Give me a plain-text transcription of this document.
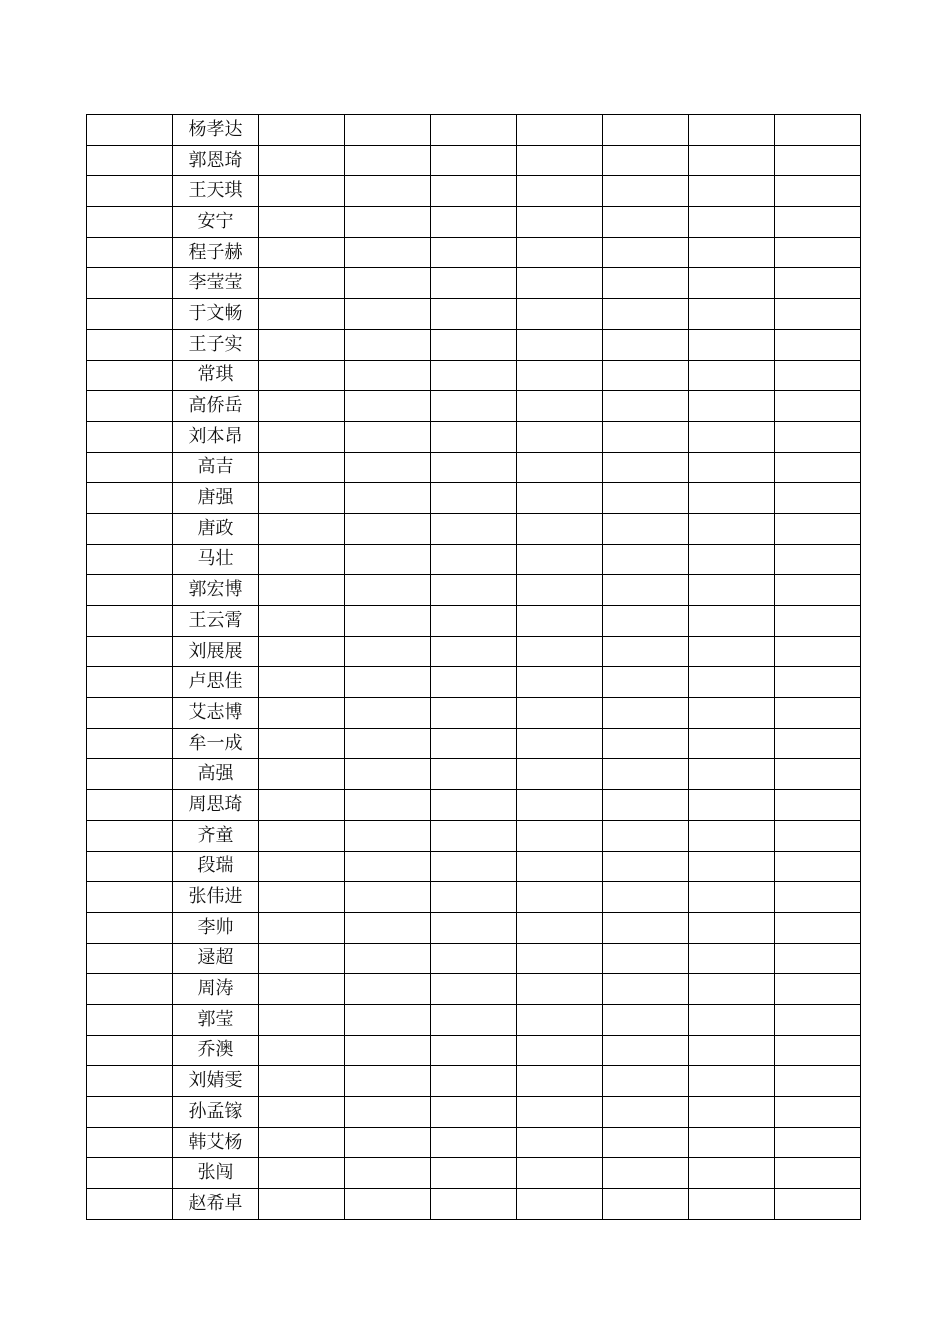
	杨孝达							
	郭恩琦							
	王天琪							
	安宁							
	程子赫							
	李莹莹							
	于文畅							
	王子实							
	常琪							
	高侨岳							
	刘本昂							
	高吉							
	唐强							
	唐政							
	马壮							
	郭宏博							
	王云霄							
	刘展展							
	卢思佳							
	艾志博							
	牟一成							
	高强							
	周思琦							
	齐童							
	段瑞							
	张伟进							
	李帅							
	逯超							
	周涛							
	郭莹							
	乔澳							
	刘婧雯							
	孙孟镓							
	韩艾杨							
	张闯							
	赵希卓							
